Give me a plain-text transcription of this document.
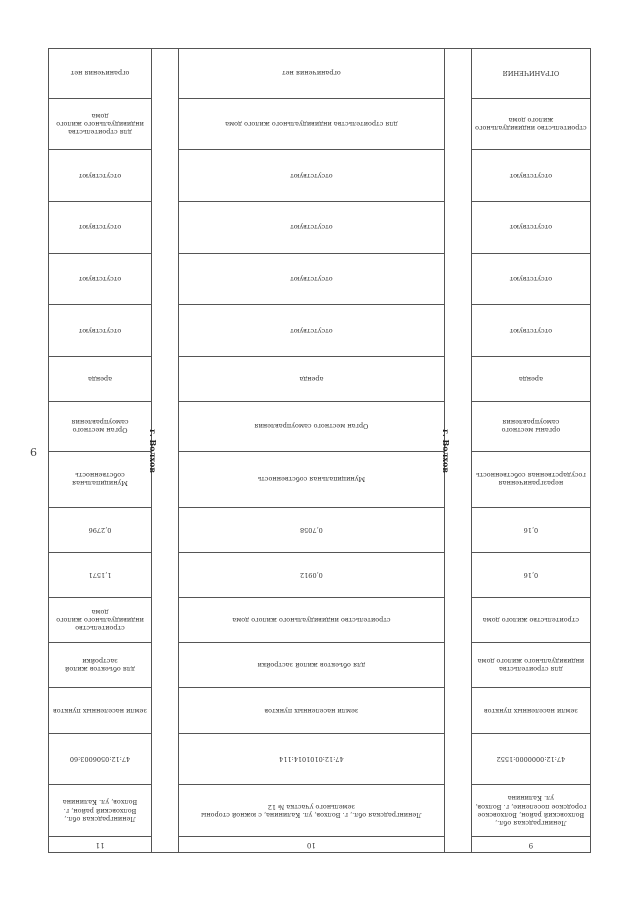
9
9	г. Волхов	10	г. Волхов	11
Ленинградская обл., Волховский район, Волховское городское поселение, г. Волхов, ул. Калинина		Ленинградская обл., г. Волхов, ул. Калинина, с южной стороны земельного участка № 12		Ленинградская обл., Волховский район, г. Волхов, ул. Калинина
47:12:0000000:1552		47:12:0101014:114		47:12:0506003:60
земли населенных пунктов		земли населенных пунктов		земли населенных пунктов
для строительства индивидуального жилого дома		для объектов жилой застройки		для объектов жилой застройки
строительство жилого дома		строительство индивидуального жилого дома		строительство индивидуального жилого дома
0,16		0,0912		1,1571
0,16		0,7058		0,2796
неразграниченная государственная собственность		Муниципальная собственность		Муниципальная собственность
органы местного самоуправления		Орган местного самоуправления		Орган местного самоуправления
аренда		аренда		аренда
отсутствуют		отсутствуют		отсутствуют
отсутствуют		отсутствуют		отсутствуют
отсутствуют		отсутствуют		отсутствуют
отсутствуют		отсутствуют		отсутствуют
строительство индивидуального жилого дома		для строительства индивидуального жилого дома		для строительства индивидуального жилого дома
ОГРАНИЧЕНИЯ		ограничения нет		ограничения нет
